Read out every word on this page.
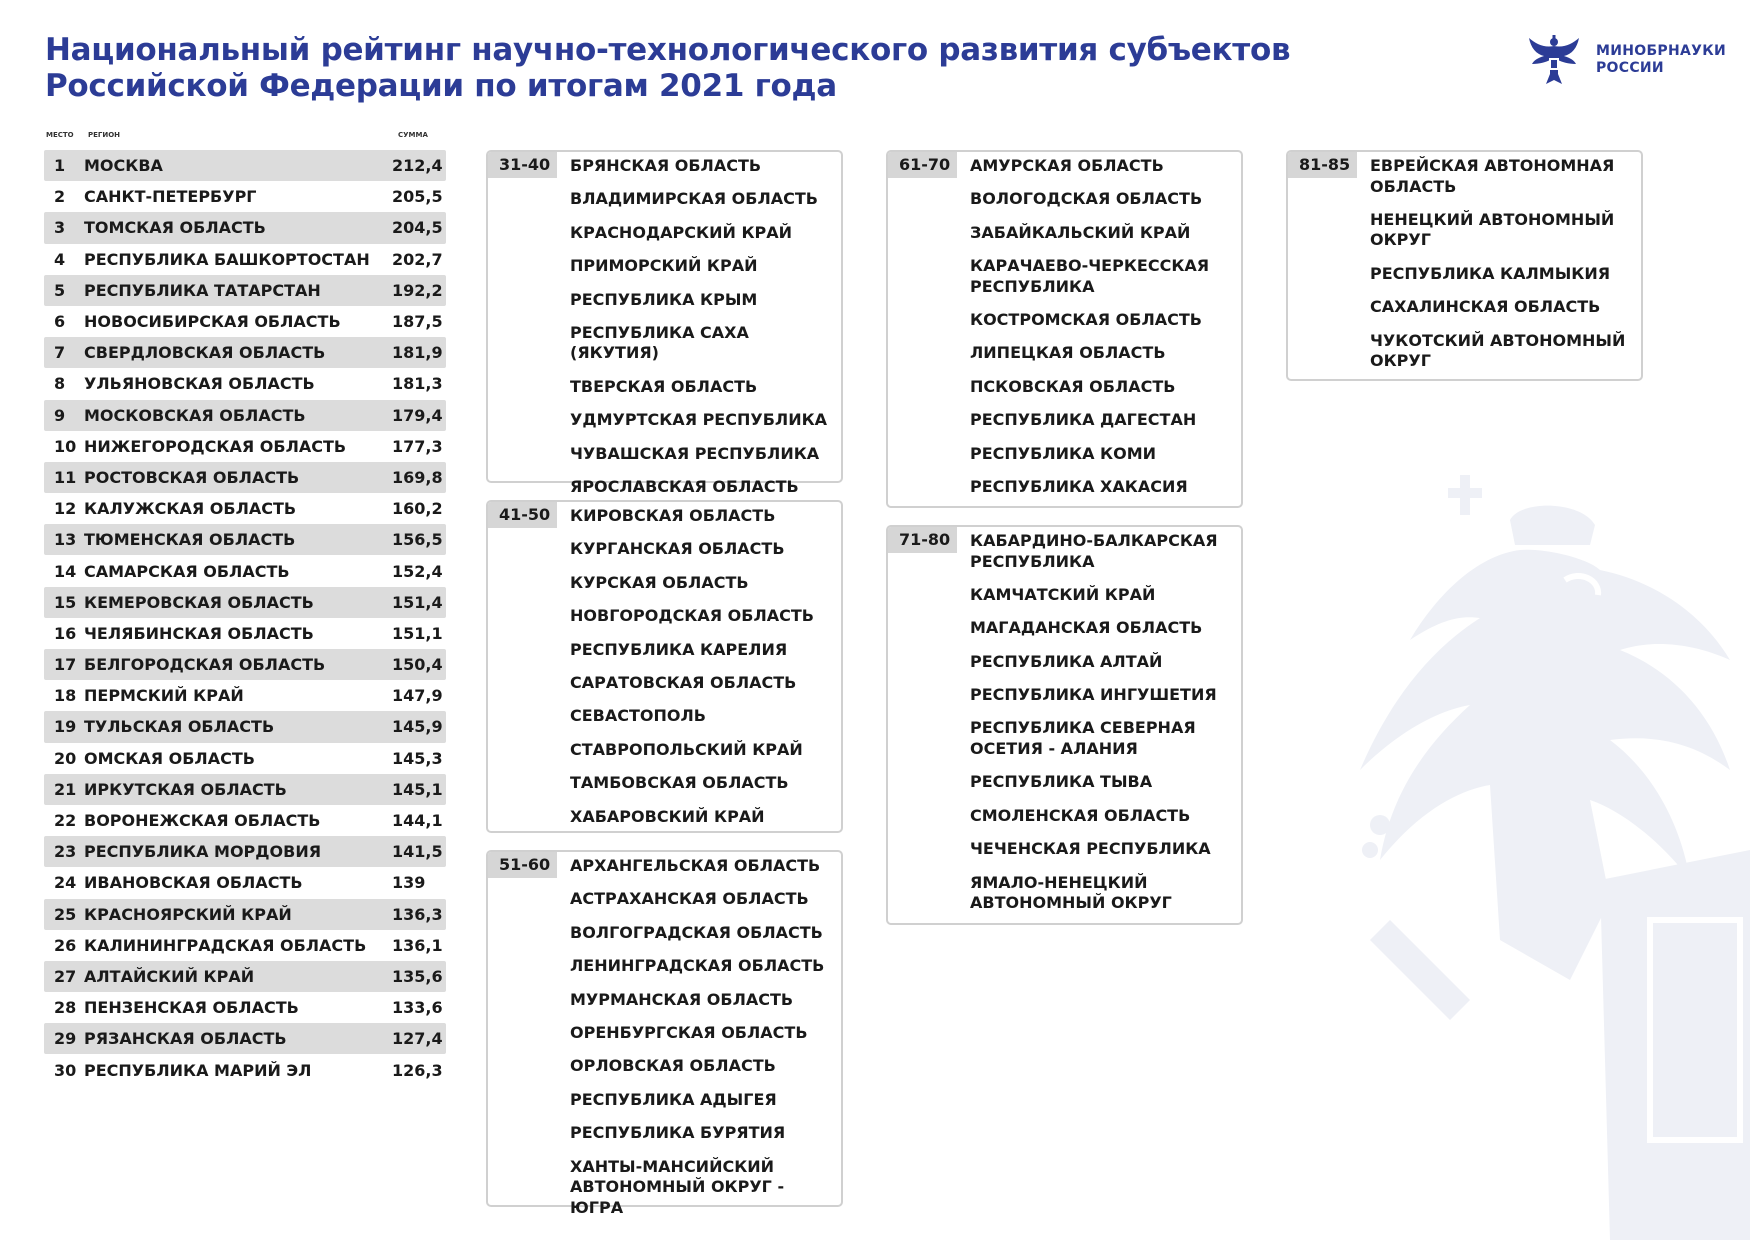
Национальный рейтинг научно-технологического развития субъектов
Российской Федерации по итогам 2021 года
МИНОБРНАУКИ
РОССИИ
МЕСТО РЕГИОН	СУММА
1	МОСКВА	212,4
2	САНКТ-ПЕТЕРБУРГ	205,5
3	ТОМСКАЯ ОБЛАСТЬ	204,5
4	РЕСПУБЛИКА БАШКОРТОСТАН	202,7
5	РЕСПУБЛИКА ТАТАРСТАН	192,2
6	НОВОСИБИРСКАЯ ОБЛАСТЬ	187,5
7	СВЕРДЛОВСКАЯ ОБЛАСТЬ	181,9
8	УЛЬЯНОВСКАЯ ОБЛАСТЬ	181,3
9	МОСКОВСКАЯ ОБЛАСТЬ	179,4
10 НИЖЕГОРОДСКАЯ ОБЛАСТЬ	177,3
11 РОСТОВСКАЯ ОБЛАСТЬ	169,8
12 КАЛУЖСКАЯ ОБЛАСТЬ	160,2
13 ТЮМЕНСКАЯ ОБЛАСТЬ	156,5
14 САМАРСКАЯ ОБЛАСТЬ	152,4
15 КЕМЕРОВСКАЯ ОБЛАСТЬ	151,4
16 ЧЕЛЯБИНСКАЯ ОБЛАСТЬ	151,1
17 БЕЛГОРОДСКАЯ ОБЛАСТЬ	150,4
18 ПЕРМСКИЙ КРАЙ	147,9
19 ТУЛЬСКАЯ ОБЛАСТЬ	145,9
20 ОМСКАЯ ОБЛАСТЬ	145,3
21 ИРКУТСКАЯ ОБЛАСТЬ	145,1
22 ВОРОНЕЖСКАЯ ОБЛАСТЬ	144,1
23 РЕСПУБЛИКА МОРДОВИЯ	141,5
24 ИВАНОВСКАЯ ОБЛАСТЬ	139
25 КРАСНОЯРСКИЙ КРАЙ	136,3
26 КАЛИНИНГРАДСКАЯ ОБЛАСТЬ	136,1
27 АЛТАЙСКИЙ КРАЙ	135,6
28 ПЕНЗЕНСКАЯ ОБЛАСТЬ	133,6
29 РЯЗАНСКАЯ ОБЛАСТЬ	127,4
30 РЕСПУБЛИКА МАРИЙ ЭЛ	126,3
31-40	БРЯНСКАЯ ОБЛАСТЬ
ВЛАДИМИРСКАЯ ОБЛАСТЬ
КРАСНОДАРСКИЙ КРАЙ
ПРИМОРСКИЙ КРАЙ
РЕСПУБЛИКА КРЫМ
РЕСПУБЛИКА САХА (ЯКУТИЯ)
ТВЕРСКАЯ ОБЛАСТЬ
УДМУРТСКАЯ РЕСПУБЛИКА
ЧУВАШСКАЯ РЕСПУБЛИКА
ЯРОСЛАВСКАЯ ОБЛАСТЬ
41-50	КИРОВСКАЯ ОБЛАСТЬ
КУРГАНСКАЯ ОБЛАСТЬ
КУРСКАЯ ОБЛАСТЬ
НОВГОРОДСКАЯ ОБЛАСТЬ
РЕСПУБЛИКА КАРЕЛИЯ
САРАТОВСКАЯ ОБЛАСТЬ
СЕВАСТОПОЛЬ
СТАВРОПОЛЬСКИЙ КРАЙ
ТАМБОВСКАЯ ОБЛАСТЬ
ХАБАРОВСКИЙ КРАЙ
51-60	АРХАНГЕЛЬСКАЯ ОБЛАСТЬ
АСТРАХАНСКАЯ ОБЛАСТЬ
ВОЛГОГРАДСКАЯ ОБЛАСТЬ
ЛЕНИНГРАДСКАЯ ОБЛАСТЬ
МУРМАНСКАЯ ОБЛАСТЬ
ОРЕНБУРГСКАЯ ОБЛАСТЬ
ОРЛОВСКАЯ ОБЛАСТЬ
РЕСПУБЛИКА АДЫГЕЯ
РЕСПУБЛИКА БУРЯТИЯ
ХАНТЫ-МАНСИЙСКИЙ
АВТОНОМНЫЙ ОКРУГ - ЮГРА
61-70	АМУРСКАЯ ОБЛАСТЬ
ВОЛОГОДСКАЯ ОБЛАСТЬ
ЗАБАЙКАЛЬСКИЙ КРАЙ
КАРАЧАЕВО-ЧЕРКЕССКАЯ
РЕСПУБЛИКА
КОСТРОМСКАЯ ОБЛАСТЬ
ЛИПЕЦКАЯ ОБЛАСТЬ
ПСКОВСКАЯ ОБЛАСТЬ
РЕСПУБЛИКА ДАГЕСТАН
РЕСПУБЛИКА КОМИ
РЕСПУБЛИКА ХАКАСИЯ
71-80	КАБАРДИНО-БАЛКАРСКАЯ
РЕСПУБЛИКА
КАМЧАТСКИЙ КРАЙ
МАГАДАНСКАЯ ОБЛАСТЬ
РЕСПУБЛИКА АЛТАЙ
РЕСПУБЛИКА ИНГУШЕТИЯ
РЕСПУБЛИКА СЕВЕРНАЯ
ОСЕТИЯ - АЛАНИЯ
РЕСПУБЛИКА ТЫВА
СМОЛЕНСКАЯ ОБЛАСТЬ
ЧЕЧЕНСКАЯ РЕСПУБЛИКА
ЯМАЛО-НЕНЕЦКИЙ
АВТОНОМНЫЙ ОКРУГ
81-85	ЕВРЕЙСКАЯ АВТОНОМНАЯ
ОБЛАСТЬ
НЕНЕЦКИЙ АВТОНОМНЫЙ
ОКРУГ
РЕСПУБЛИКА КАЛМЫКИЯ
САХАЛИНСКАЯ ОБЛАСТЬ
ЧУКОТСКИЙ АВТОНОМНЫЙ
ОКРУГ
